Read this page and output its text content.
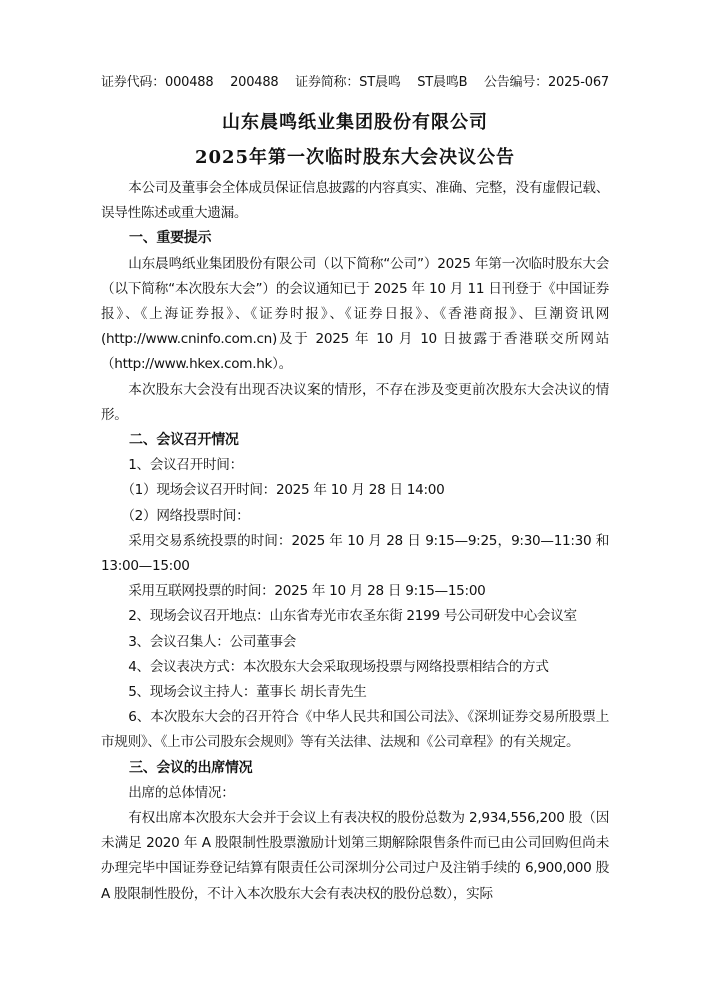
证券代码：000488 200488 证券简称：ST晨鸣 ST晨鸣B 公告编号：2025-067
山东晨鸣纸业集团股份有限公司
2025年第一次临时股东大会决议公告

本公司及董事会全体成员保证信息披露的内容真实、准确、完整，没有虚假记载、误导性陈述或重大遗漏。

一、重要提示

山东晨鸣纸业集团股份有限公司（以下简称“公司”）2025 年第一次临时股东大会（以下简称“本次股东大会”）的会议通知已于 2025 年 10 月 11 日刊登于《中国证券报》、《上海证券报》、《证券时报》、《证券日报》、《香港商报》、巨潮资讯网(http://www.cninfo.com.cn)及于 2025 年 10 月 10 日披露于香港联交所网站（http://www.hkex.com.hk）。

本次股东大会没有出现否决议案的情形，不存在涉及变更前次股东大会决议的情形。

二、会议召开情况

1、会议召开时间：

（1）现场会议召开时间：2025 年 10 月 28 日 14:00

（2）网络投票时间：

采用交易系统投票的时间：2025 年 10 月 28 日 9:15—9:25，9:30—11:30 和 13:00—15:00

采用互联网投票的时间：2025 年 10 月 28 日 9:15—15:00

2、现场会议召开地点：山东省寿光市农圣东街 2199 号公司研发中心会议室

3、会议召集人：公司董事会

4、会议表决方式：本次股东大会采取现场投票与网络投票相结合的方式

5、现场会议主持人：董事长 胡长青先生

6、本次股东大会的召开符合《中华人民共和国公司法》、《深圳证券交易所股票上市规则》、《上市公司股东会规则》等有关法律、法规和《公司章程》的有关规定。

三、会议的出席情况

出席的总体情况：

有权出席本次股东大会并于会议上有表决权的股份总数为 2,934,556,200 股（因未满足 2020 年 A 股限制性股票激励计划第三期解除限售条件而已由公司回购但尚未办理完毕中国证券登记结算有限责任公司深圳分公司过户及注销手续的 6,900,000 股 A 股限制性股份，不计入本次股东大会有表决权的股份总数），实际
